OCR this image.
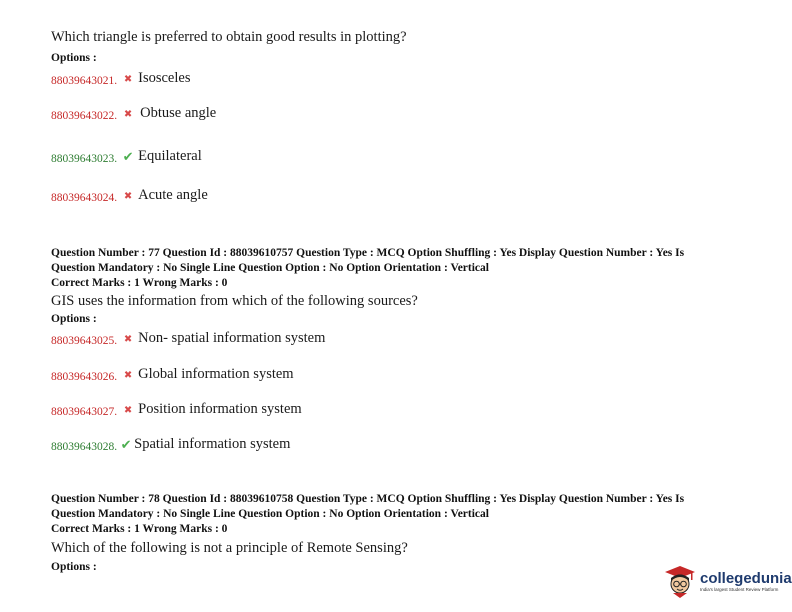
Which triangle is preferred to obtain good results in plotting?
Options :
88039643021. ✖ Isosceles
88039643022. ✖ Obtuse angle
88039643023. ✔ Equilateral
88039643024. ✖ Acute angle
Question Number : 77 Question Id : 88039610757 Question Type : MCQ Option Shuffling : Yes Display Question Number : Yes Is
Question Mandatory : No Single Line Question Option : No Option Orientation : Vertical
Correct Marks : 1 Wrong Marks : 0
GIS uses the information from which of the following sources?
Options :
88039643025. ✖ Non- spatial information system
88039643026. ✖ Global information system
88039643027. ✖ Position information system
88039643028. ✔ Spatial information system
Question Number : 78 Question Id : 88039610758 Question Type : MCQ Option Shuffling : Yes Display Question Number : Yes Is
Question Mandatory : No Single Line Question Option : No Option Orientation : Vertical
Correct Marks : 1 Wrong Marks : 0
Which of the following is not a principle of Remote Sensing?
Options :
collegedunia
India's largest Student Review Platform
